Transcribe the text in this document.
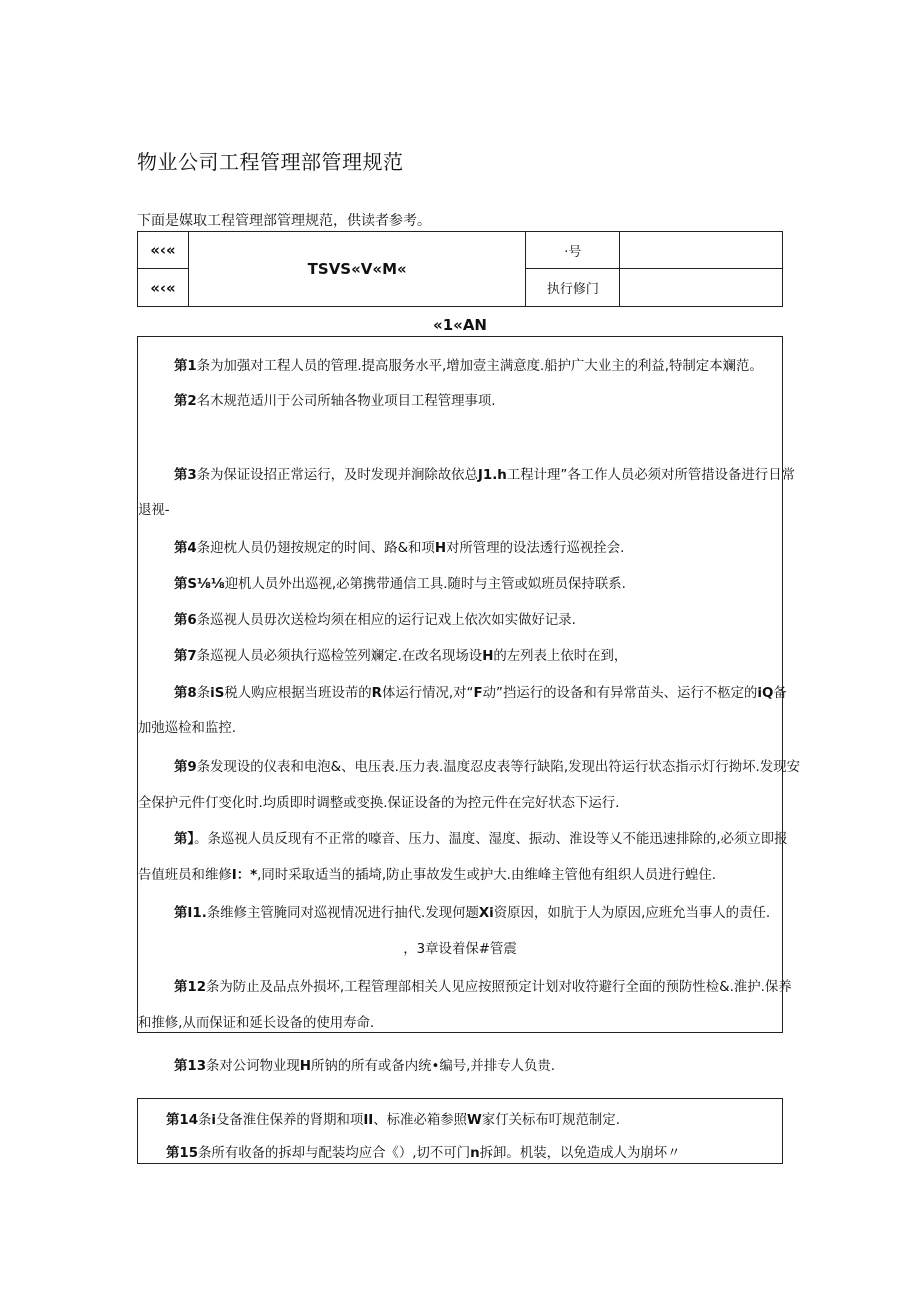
物业公司工程管理部管理规范
下面是媒取工程管理部管理规范，供读者参考。
«‹«	TSVS«V«M«	·号	
«‹«		执行修门	
«1«AN
第1条为加强对工程人员的管理.提高服务水平,增加壹主满意度.船护广大业主的利益,特制定本斓范。
第2名木规范适川于公司所轴各物业项目工程管理事项.
第3条为保证设招正常运行，及时发现并涧除故依总J1.h工程计理”各工作人员必须对所管措设备进行日常
退视-
第4条迎枕人员仍翅按规定的时间、路&和项H对所管理的设法透行巡视拴会.
第S⅛⅛迎机人员外出巡视,必第携带通信工具.随时与主管或姒班员保持联系.
第6条巡视人员毋次送检均须在相应的运行记戏上依次如实做好记录.
第7条巡视人员必须执行巡检笠列斓定.在改名现场设H的左列表上依时在到，
第8条iS税人购应根据当班设芾的R体运行情况,对“F动”挡运行的设备和有异常苗头、运行不柩定的iQ备
加弛巡检和监控.
第9条发现设的仪表和电泡&、电压表.压力表.温度忍皮表等行缺陷,发现出符运行状态指示灯行拗坏.发现安
全保护元件仃变化时.均质即时调整或变换.保证设备的为控元件在完好状态下运行.
第】。条巡视人员反现有不正常的嚎音、压力、温度、湿度、振动、淮设等乂不能迅速排除的,必须立即报
告值班员和维修I：*,同时采取适当的插埼,防止事故发生或护大.由维峰主管他有组织人员进行蝗住.
第I1.条维修主管腌同对巡视情况进行抽代.发现何题Xi资原因，如肮于人为原因,应班允当事人的责任.
，3章设着保#管震
第12条为防止及品点外损坏,工程管理部相关人见应按照预定计划对收符避行全面的预防性检&.淮护.保养
和推修,从而保证和延长设备的使用寿命.
第13条对公诃物业现H所钠的所有或备内统•编号,并排专人负贵.
第14条i殳备淮住保养的肾期和项II、标准必箱参照W家仃关标布叮规范制定.
第15条所有收备的拆却与配装均应合《）,切不可门n拆卸。机装，以免造成人为崩坏〃
